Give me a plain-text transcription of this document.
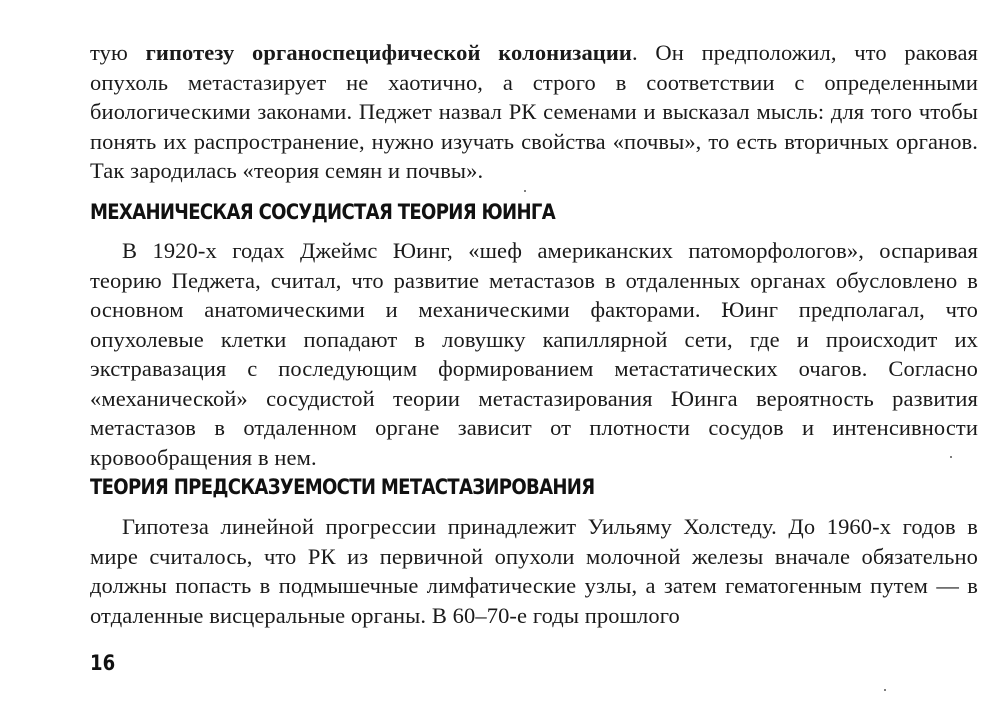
тую гипотезу органоспецифической колонизации. Он предположил, что раковая опухоль метастазирует не хаотично, а строго в соответствии с определенными биологическими законами. Педжет назвал РК семенами и высказал мысль: для того чтобы понять их распространение, нужно изучать свойства «почвы», то есть вторичных органов. Так зародилась «теория семян и почвы».

МЕХАНИЧЕСКАЯ СОСУДИСТАЯ ТЕОРИЯ ЮИНГА

В 1920-х годах Джеймс Юинг, «шеф американских патоморфологов», оспаривая теорию Педжета, считал, что развитие метастазов в отдаленных органах обусловлено в основном анатомическими и механическими факторами. Юинг предполагал, что опухолевые клетки попадают в ловушку капиллярной сети, где и происходит их экстравазация с последующим формированием метастатических очагов. Согласно «механической» сосудистой теории метастазирования Юинга вероятность развития метастазов в отдаленном органе зависит от плотности сосудов и интенсивности кровообращения в нем.

ТЕОРИЯ ПРЕДСКАЗУЕМОСТИ МЕТАСТАЗИРОВАНИЯ

Гипотеза линейной прогрессии принадлежит Уильяму Холстеду. До 1960-х годов в мире считалось, что РК из первичной опухоли молочной железы вначале обязательно должны попасть в подмышечные лимфатические узлы, а затем гематогенным путем — в отдаленные висцеральные органы. В 60–70-е годы прошлого

16
